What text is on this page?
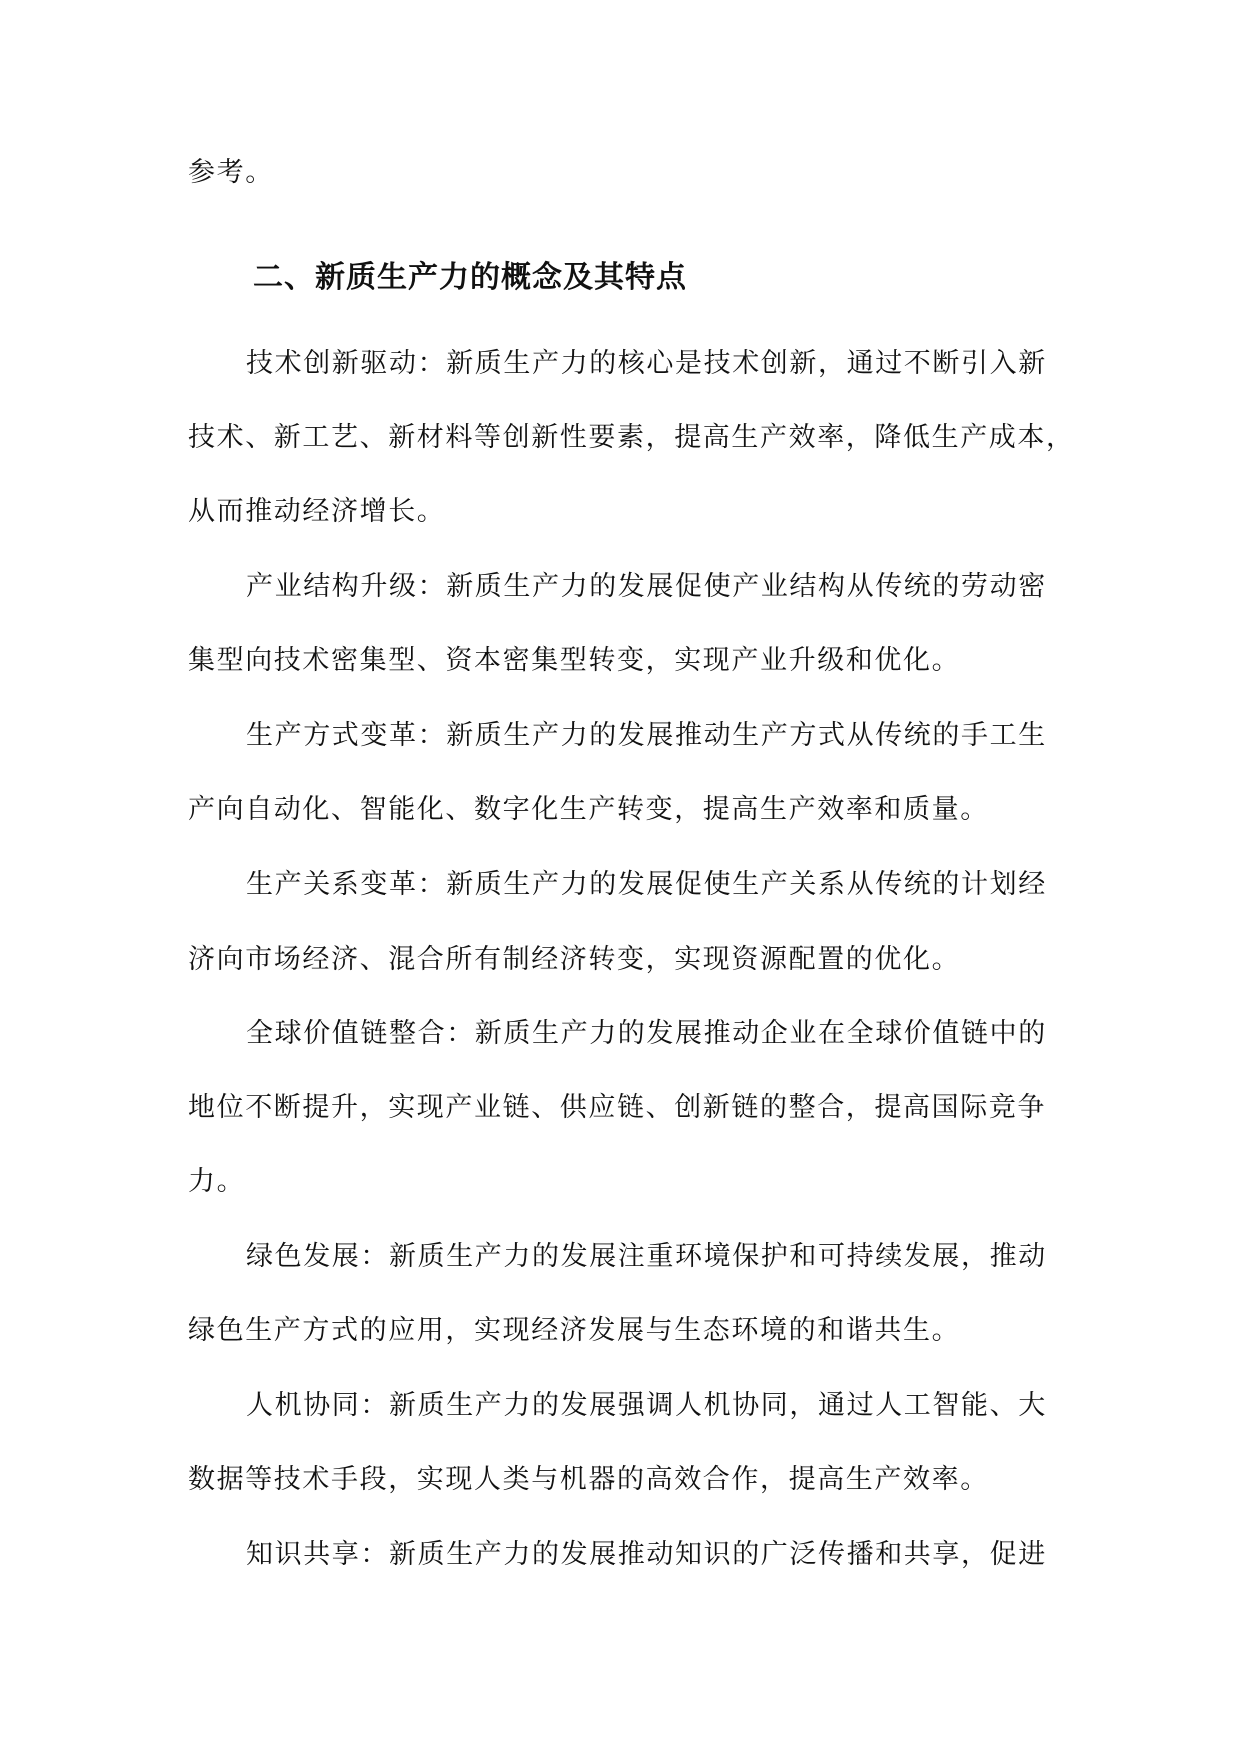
参考。
二、新质生产力的概念及其特点
技术创新驱动：新质生产力的核心是技术创新，通过不断引入新
技术、新工艺、新材料等创新性要素，提高生产效率，降低生产成本，
从而推动经济增长。
产业结构升级：新质生产力的发展促使产业结构从传统的劳动密
集型向技术密集型、资本密集型转变，实现产业升级和优化。
生产方式变革：新质生产力的发展推动生产方式从传统的手工生
产向自动化、智能化、数字化生产转变，提高生产效率和质量。
生产关系变革：新质生产力的发展促使生产关系从传统的计划经
济向市场经济、混合所有制经济转变，实现资源配置的优化。
全球价值链整合：新质生产力的发展推动企业在全球价值链中的
地位不断提升，实现产业链、供应链、创新链的整合，提高国际竞争
力。
绿色发展：新质生产力的发展注重环境保护和可持续发展，推动
绿色生产方式的应用，实现经济发展与生态环境的和谐共生。
人机协同：新质生产力的发展强调人机协同，通过人工智能、大
数据等技术手段，实现人类与机器的高效合作，提高生产效率。
知识共享：新质生产力的发展推动知识的广泛传播和共享，促进
